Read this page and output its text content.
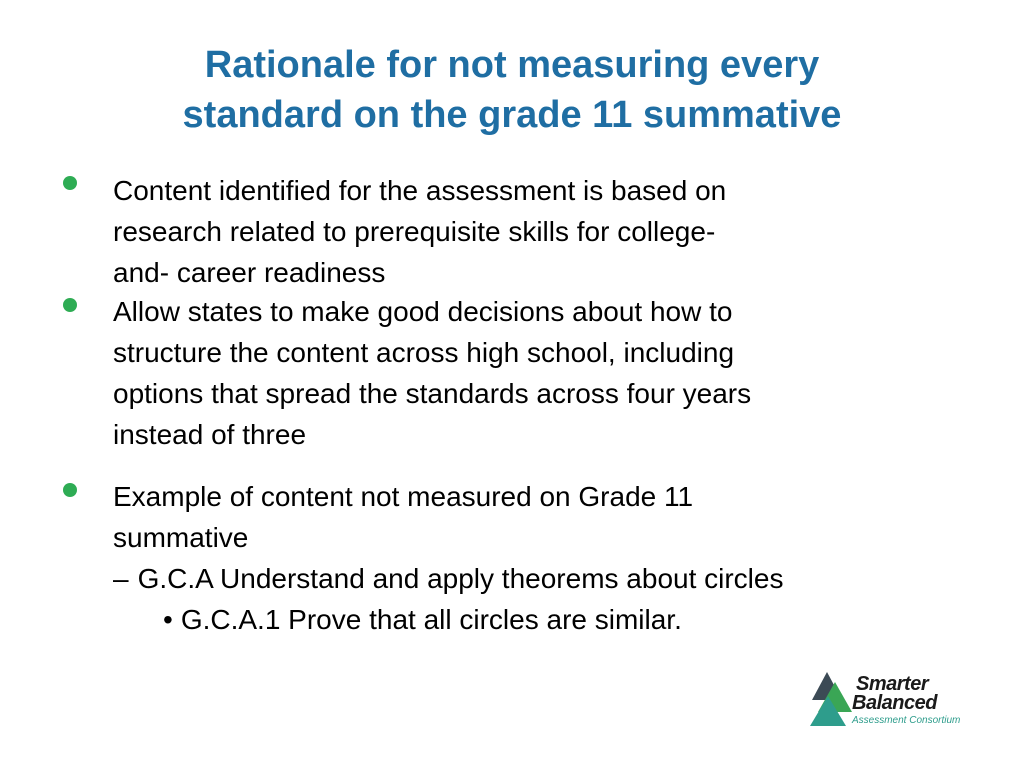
Rationale for not measuring every
standard on the grade 11 summative
Content identified for the assessment is based on
research related to prerequisite skills for college-
and- career readiness
Allow states to make good decisions about how to
structure the content across high school, including
options that spread the standards across four years
instead of three
Example of content not measured on Grade 11
summative
– G.C.A Understand and apply theorems about circles
• G.C.A.1 Prove that all circles are similar.
Smarter
Balanced
Assessment Consortium
